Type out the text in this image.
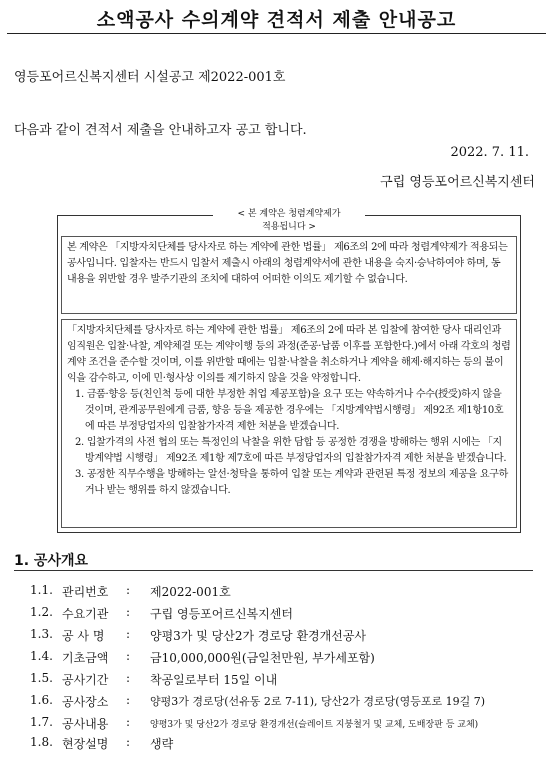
소액공사 수의계약 견적서 제출 안내공고
영등포어르신복지센터 시설공고 제2022-001호
다음과 같이 견적서 제출을 안내하고자 공고 합니다.
2022. 7. 11.
구립 영등포어르신복지센터
< 본 계약은 청렴계약제가
적용됩니다 >
본 계약은 「지방자치단체를 당사자로 하는 계약에 관한 법률」 제6조의 2에 따라 청렴계약제가 적용되는 공사입니다. 입찰자는 반드시 입찰서 제출시 아래의 청렴계약서에 관한 내용을 숙지·승낙하여야 하며, 동 내용을 위반할 경우 발주기관의 조치에 대하여 어떠한 이의도 제기할 수 없습니다.
「지방자치단체를 당사자로 하는 계약에 관한 법률」 제6조의 2에 따라 본 입찰에 참여한 당사 대리인과 임직원은 입찰·낙찰, 계약체결 또는 계약이행 등의 과정(준공·납품 이후를 포함한다.)에서 아래 각호의 청렴계약 조건을 준수할 것이며, 이를 위반할 때에는 입찰·낙찰을 취소하거나 계약을 해제·해지하는 등의 불이익을 감수하고, 이에 민·형사상 이의를 제기하지 않을 것을 약정합니다.
1. 금품·향응 등(친인척 등에 대한 부정한 취업 제공포함)을 요구 또는 약속하거나 수수(授受)하지 않을 것이며, 관계공무원에게 금품, 향응 등을 제공한 경우에는 「지방계약법시행령」 제92조 제1항10호에 따른 부정당업자의 입찰참가자격 제한 처분을 받겠습니다.
2. 입찰가격의 사전 협의 또는 특정인의 낙찰을 위한 담합 등 공정한 경쟁을 방해하는 행위 시에는 「지방계약법 시행령」 제92조 제1항 제7호에 따른 부정당업자의 입찰참가자격 제한 처분을 받겠습니다.
3. 공정한 직무수행을 방해하는 알선·청탁을 통하여 입찰 또는 계약과 관련된 특정 정보의 제공을 요구하거나 받는 행위를 하지 않겠습니다.
1. 공사개요
1.1. 관리번호	:	제2022-001호
1.2. 수요기관	:	구립 영등포어르신복지센터
1.3. 공 사 명	:	양평3가 및 당산2가 경로당 환경개선공사
1.4. 기초금액	:	금10,000,000원(금일천만원, 부가세포함)
1.5. 공사기간	:	착공일로부터 15일 이내
1.6. 공사장소	:	양평3가 경로당(선유동 2로 7-11), 당산2가 경로당(영등포로 19길 7)
1.7. 공사내용	:	양평3가 및 당산2가 경로당 환경개선(슬레이트 지붕철거 및 교체, 도배장판 등 교체)
1.8. 현장설명	:	생략
